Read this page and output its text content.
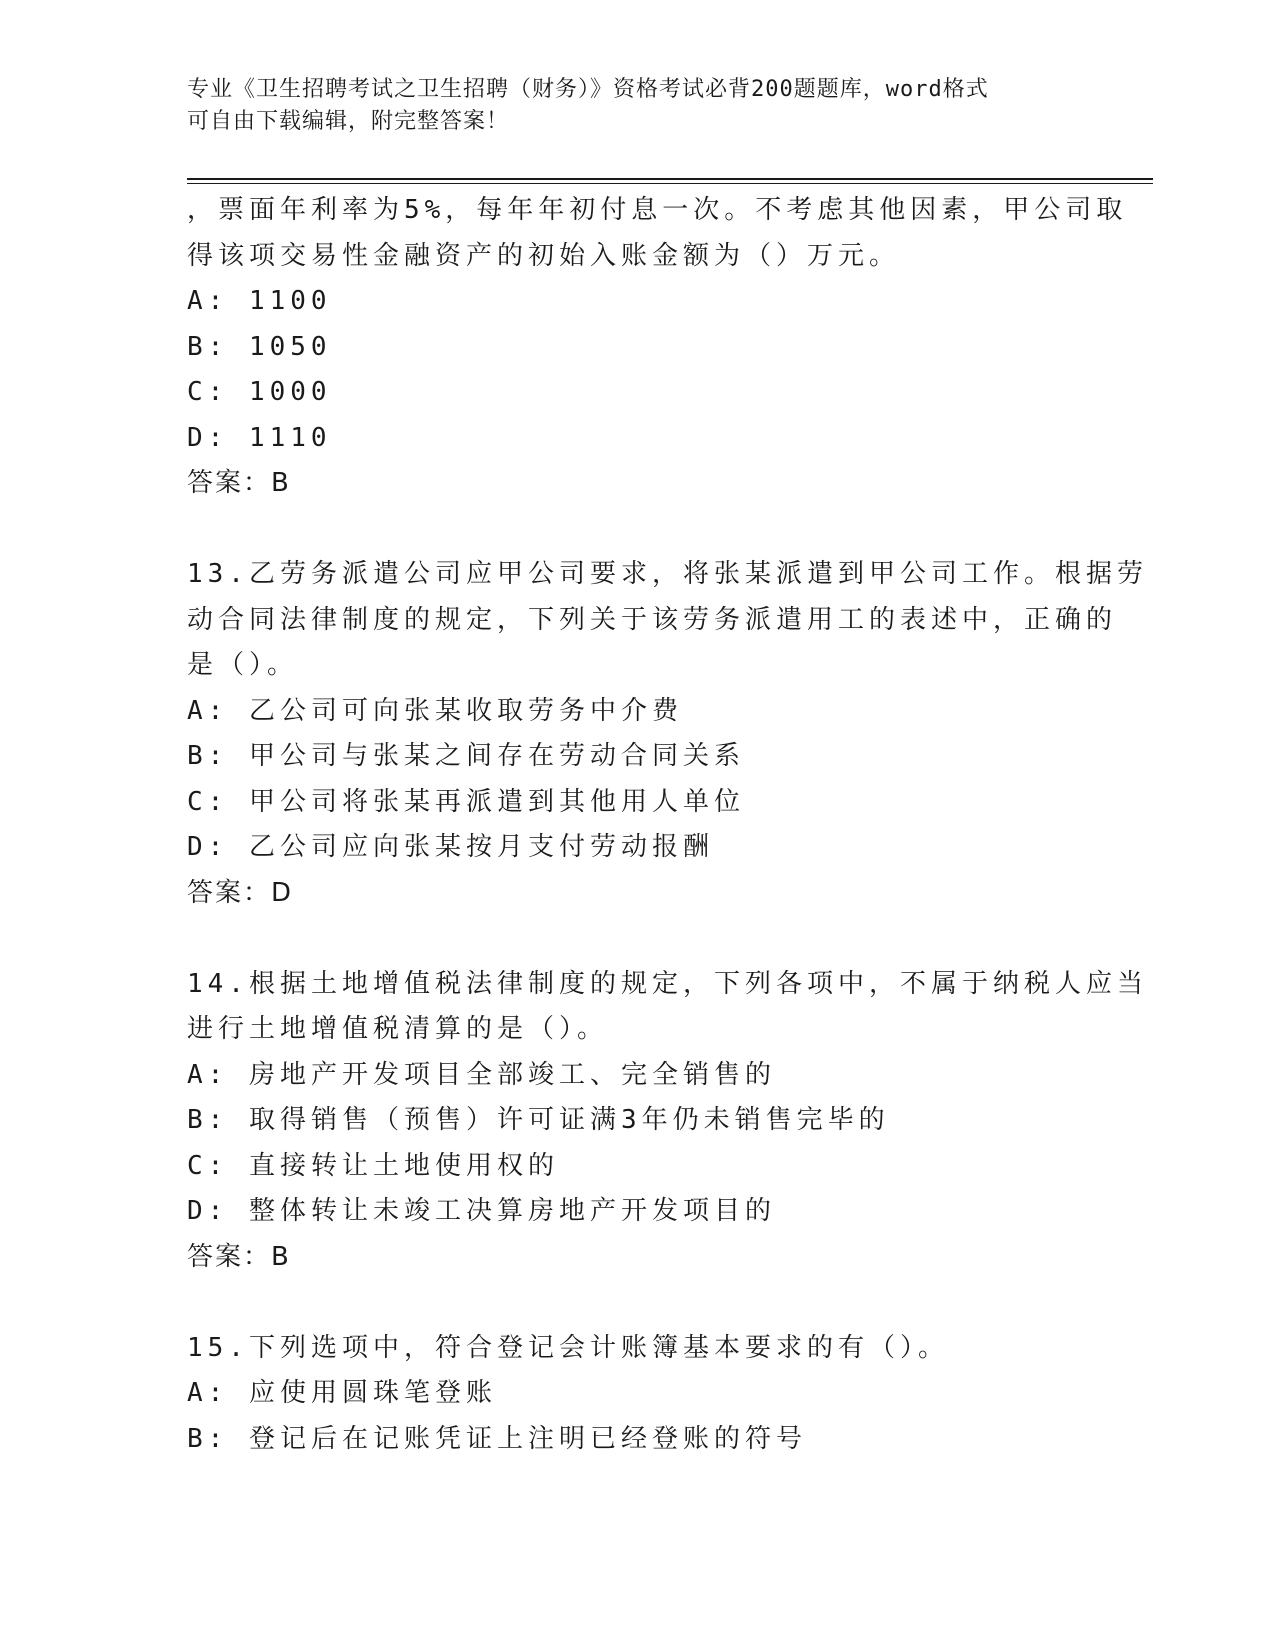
专业《卫生招聘考试之卫生招聘（财务）》资格考试必背200题题库，word格式
可自由下载编辑，附完整答案！
，票面年利率为5%，每年年初付息一次。不考虑其他因素，甲公司取
得该项交易性金融资产的初始入账金额为（）万元。
A: 1100
B: 1050
C: 1000
D: 1110
答案：B
13.乙劳务派遣公司应甲公司要求，将张某派遣到甲公司工作。根据劳
动合同法律制度的规定，下列关于该劳务派遣用工的表述中，正确的
是（）。
A: 乙公司可向张某收取劳务中介费
B: 甲公司与张某之间存在劳动合同关系
C: 甲公司将张某再派遣到其他用人单位
D: 乙公司应向张某按月支付劳动报酬
答案：D
14.根据土地增值税法律制度的规定，下列各项中，不属于纳税人应当
进行土地增值税清算的是（）。
A: 房地产开发项目全部竣工、完全销售的
B: 取得销售（预售）许可证满3年仍未销售完毕的
C: 直接转让土地使用权的
D: 整体转让未竣工决算房地产开发项目的
答案：B
15.下列选项中，符合登记会计账簿基本要求的有（）。
A: 应使用圆珠笔登账
B: 登记后在记账凭证上注明已经登账的符号
